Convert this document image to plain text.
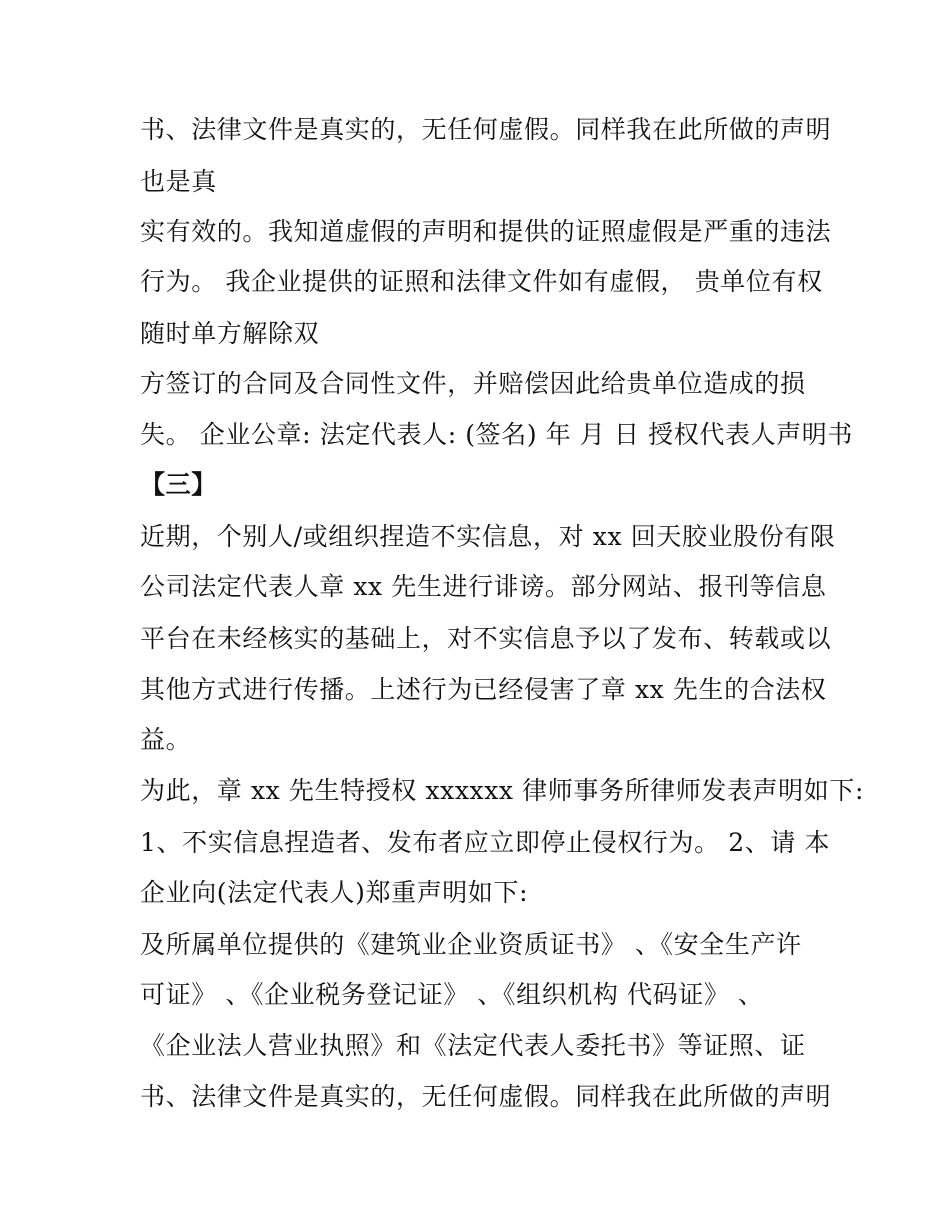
书、法律文件是真实的，无任何虚假。同样我在此所做的声明
也是真
实有效的。我知道虚假的声明和提供的证照虚假是严重的违法
行为。 我企业提供的证照和法律文件如有虚假， 贵单位有权
随时单方解除双
方签订的合同及合同性文件，并赔偿因此给贵单位造成的损
失。 企业公章: 法定代表人: (签名) 年 月 日 授权代表人声明书
【三】
近期，个别人/或组织捏造不实信息，对 xx 回天胶业股份有限
公司法定代表人章 xx 先生进行诽谤。部分网站、报刊等信息
平台在未经核实的基础上，对不实信息予以了发布、转载或以
其他方式进行传播。上述行为已经侵害了章 xx 先生的合法权
益。
为此，章 xx 先生特授权 xxxxxx 律师事务所律师发表声明如下:
1、不实信息捏造者、发布者应立即停止侵权行为。 2、请 本
企业向(法定代表人)郑重声明如下:
及所属单位提供的《建筑业企业资质证书》 、《安全生产许
可证》 、《企业税务登记证》 、《组织机构 代码证》 、
《企业法人营业执照》和《法定代表人委托书》等证照、证
书、法律文件是真实的，无任何虚假。同样我在此所做的声明
